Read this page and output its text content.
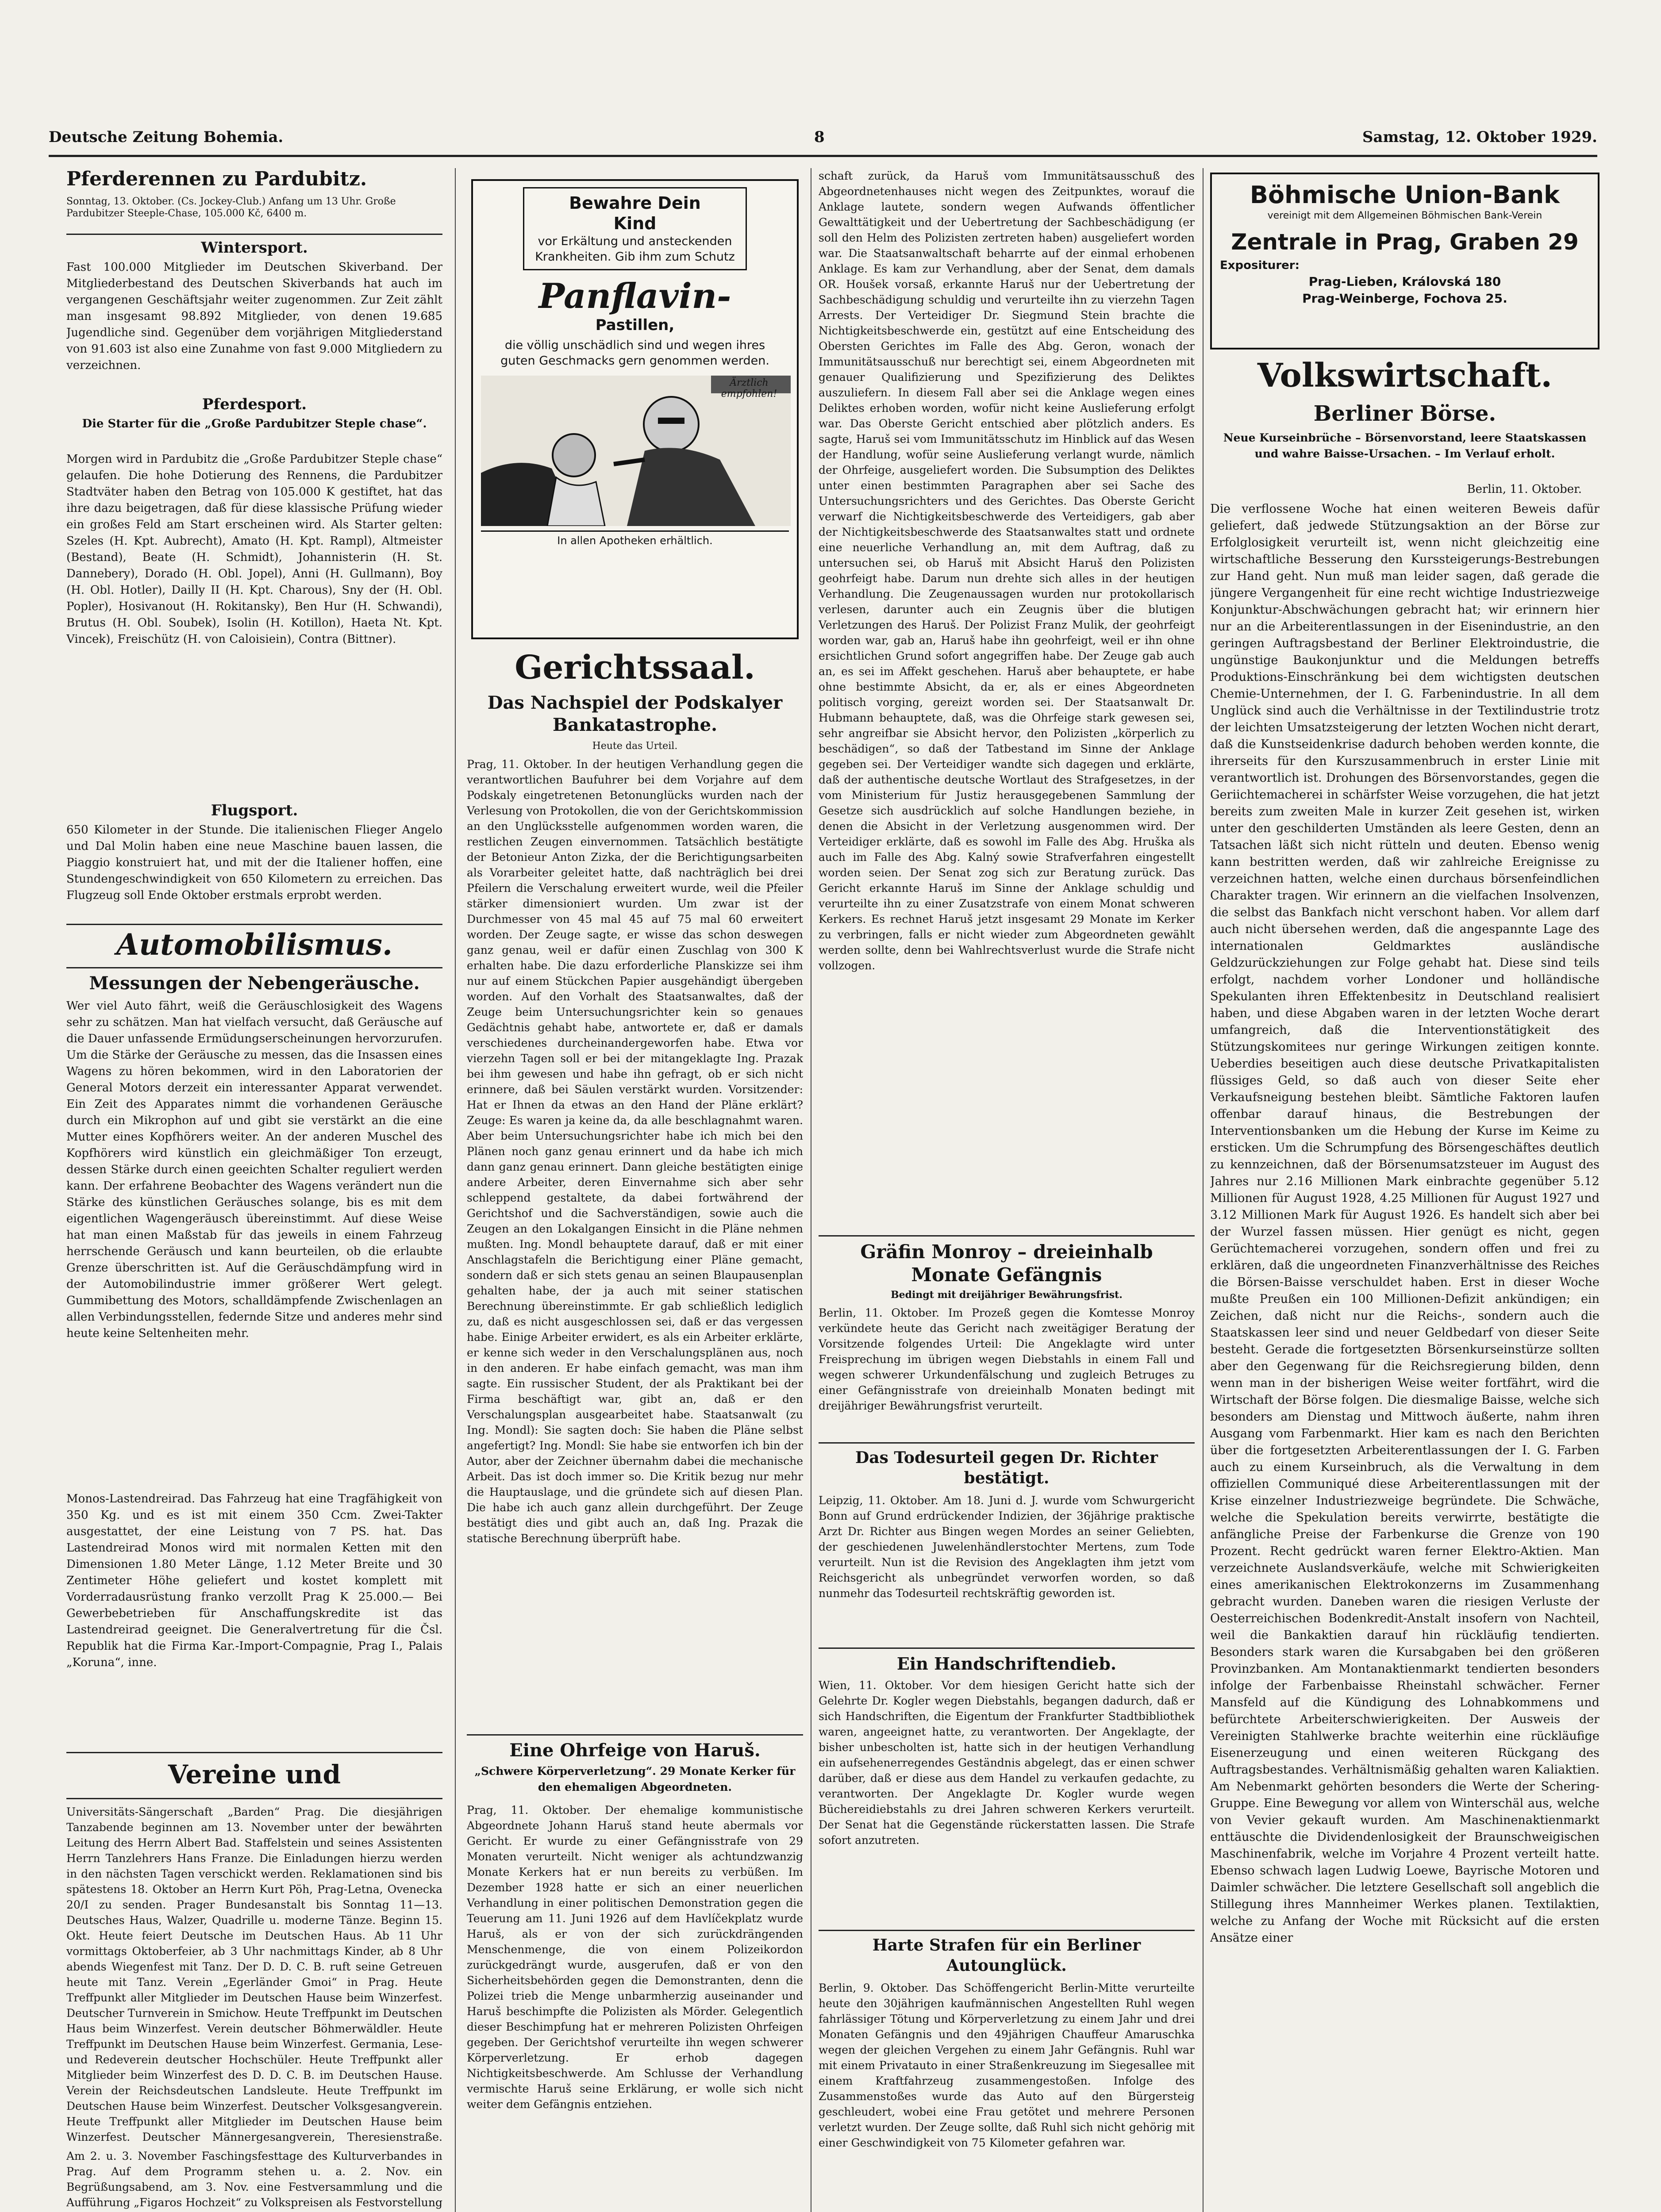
Deutsche Zeitung Bohemia.	8	Samstag, 12. Oktober 1929.
Pferderennen zu Pardubitz.
Sonntag, 13. Oktober. (Cs. Jockey-Club.) Anfang um 13 Uhr. Große Pardubitzer Steeple-Chase, 105.000 Kč, 6400 m.
Wintersport.
Fast 100.000 Mitglieder im Deutschen Skiverband. Der Mitgliederbestand des Deutschen Skiverbands hat auch im vergangenen Geschäftsjahr weiter zugenommen. Zur Zeit zählt man insgesamt 98.892 Mitglieder, von denen 19.685 Jugendliche sind. Gegenüber dem vorjährigen Mitgliederstand von 91.603 ist also eine Zunahme von fast 9.000 Mitgliedern zu verzeichnen.
Pferdesport.
Die Starter für die „Große Pardubitzer Steple chase“.
Morgen wird in Pardubitz die „Große Pardubitzer Steple chase“ gelaufen. Die hohe Dotierung des Rennens, die Pardubitzer Stadtväter haben den Betrag von 105.000 K gestiftet, hat das ihre dazu beigetragen, daß für diese klassische Prüfung wieder ein großes Feld am Start erscheinen wird. Als Starter gelten: Szeles (H. Kpt. Aubrecht), Amato (H. Kpt. Rampl), Altmeister (Bestand), Beate (H. Schmidt), Johannisterin (H. St. Dannebery), Dorado (H. Obl. Jopel), Anni (H. Gullmann), Boy (H. Obl. Hotler), Dailly II (H. Kpt. Charous), Sny der (H. Obl. Popler), Hosivanout (H. Rokitansky), Ben Hur (H. Schwandi), Brutus (H. Obl. Soubek), Isolin (H. Kotillon), Haeta Nt. Kpt. Vincek), Freischütz (H. von Caloisiein), Contra (Bittner).
Flugsport.
650 Kilometer in der Stunde. Die italienischen Flieger Angelo und Dal Molin haben eine neue Maschine bauen lassen, die Piaggio konstruiert hat, und mit der die Italiener hoffen, eine Stundengeschwindigkeit von 650 Kilometern zu erreichen. Das Flugzeug soll Ende Oktober erstmals erprobt werden.
Automobilismus.
Messungen der Nebengeräusche.
Wer viel Auto fährt, weiß die Geräuschlosigkeit des Wagens sehr zu schätzen. Man hat vielfach versucht, daß Geräusche auf die Dauer unfassende Ermüdungserscheinungen hervorzurufen. Um die Stärke der Geräusche zu messen, das die Insassen eines Wagens zu hören bekommen, wird in den Laboratorien der General Motors derzeit ein interessanter Apparat verwendet. Ein Zeit des Apparates nimmt die vorhandenen Geräusche durch ein Mikrophon auf und gibt sie verstärkt an die eine Mutter eines Kopfhörers weiter. An der anderen Muschel des Kopfhörers wird künstlich ein gleichmäßiger Ton erzeugt, dessen Stärke durch einen geeichten Schalter reguliert werden kann. Der erfahrene Beobachter des Wagens verändert nun die Stärke des künstlichen Geräusches solange, bis es mit dem eigentlichen Wagengeräusch übereinstimmt. Auf diese Weise hat man einen Maßstab für das jeweils in einem Fahrzeug herrschende Geräusch und kann beurteilen, ob die erlaubte Grenze überschritten ist. Auf die Geräuschdämpfung wird in der Automobilindustrie immer größerer Wert gelegt. Gummibettung des Motors, schalldämpfende Zwischenlagen an allen Verbindungsstellen, federnde Sitze und anderes mehr sind heute keine Seltenheiten mehr.
Monos-Lastendreirad. Das Fahrzeug hat eine Tragfähigkeit von 350 Kg. und es ist mit einem 350 Ccm. Zwei-Takter ausgestattet, der eine Leistung von 7 PS. hat. Das Lastendreirad Monos wird mit normalen Ketten mit den Dimensionen 1.80 Meter Länge, 1.12 Meter Breite und 30 Zentimeter Höhe geliefert und kostet komplett mit Vorderradausrüstung franko verzollt Prag K 25.000.— Bei Gewerbebetrieben für Anschaffungskredite ist das Lastendreirad geeignet. Die Generalvertretung für die Čsl. Republik hat die Firma Kar.-Import-Compagnie, Prag I., Palais „Koruna“, inne.
Vereine und
Universitäts-Sängerschaft „Barden“ Prag. Die diesjährigen Tanzabende beginnen am 13. November unter der bewährten Leitung des Herrn Albert Bad. Staffelstein und seines Assistenten Herrn Tanzlehrers Hans Franze. Die Einladungen hierzu werden in den nächsten Tagen verschickt werden. Reklamationen sind bis spätestens 18. Oktober an Herrn Kurt Pöh, Prag-Letna, Ovenecka 20/I zu senden. Prager Bundesanstalt bis Sonntag 11—13. Deutsches Haus, Walzer, Quadrille u. moderne Tänze. Beginn 15. Okt. Heute feiert Deutsche im Deutschen Haus. Ab 11 Uhr vormittags Oktoberfeier, ab 3 Uhr nachmittags Kinder, ab 8 Uhr abends Wiegenfest mit Tanz. Der D. D. C. B. ruft seine Getreuen heute mit Tanz. Verein „Egerländer Gmoi“ in Prag. Heute Treffpunkt aller Mitglieder im Deutschen Hause beim Winzerfest. Deutscher Turnverein in Smichow. Heute Treffpunkt im Deutschen Haus beim Winzerfest. Verein deutscher Böhmerwäldler. Heute Treffpunkt im Deutschen Hause beim Winzerfest. Germania, Lese- und Redeverein deutscher Hochschüler. Heute Treffpunkt aller Mitglieder beim Winzerfest des D. D. C. B. im Deutschen Hause. Verein der Reichsdeutschen Landsleute. Heute Treffpunkt im Deutschen Hause beim Winzerfest. Deutscher Volksgesangverein. Heute Treffpunkt aller Mitglieder im Deutschen Hause beim Winzerfest. Deutscher Männergesangverein, Theresienstraße.
Am 2. u. 3. November Faschingsfesttage des Kulturverbandes in Prag. Auf dem Programm stehen u. a. 2. Nov. ein Begrüßungsabend, am 3. Nov. eine Festversammlung und die Aufführung „Figaros Hochzeit“ zu Volkspreisen als Festvorstellung
Bewahre Dein
Kind
vor Erkältung und ansteckenden Krankheiten. Gib ihm zum Schutz
Panflavin-
Pastillen,
die völlig unschädlich sind und wegen ihres guten Geschmacks gern genommen werden.
Ärztlich empfohlen!
In allen Apotheken erhältlich.
Gerichtssaal.
Das Nachspiel der Podskalyer Bankatastrophe.
Heute das Urteil.
Prag, 11. Oktober. In der heutigen Verhandlung gegen die verantwortlichen Baufuhrer bei dem Vorjahre auf dem Podskaly eingetretenen Betonunglücks wurden nach der Verlesung von Protokollen, die von der Gerichtskommission an den Unglücksstelle aufgenommen worden waren, die restlichen Zeugen einvernommen. Tatsächlich bestätigte der Betonieur Anton Zizka, der die Berichtigungsarbeiten als Vorarbeiter geleitet hatte, daß nachträglich bei drei Pfeilern die Verschalung erweitert wurde, weil die Pfeiler stärker dimensioniert wurden. Um zwar ist der Durchmesser von 45 mal 45 auf 75 mal 60 erweitert worden. Der Zeuge sagte, er wisse das schon deswegen ganz genau, weil er dafür einen Zuschlag von 300 K erhalten habe. Die dazu erforderliche Planskizze sei ihm nur auf einem Stückchen Papier ausgehändigt übergeben worden. Auf den Vorhalt des Staatsanwaltes, daß der Zeuge beim Untersuchungsrichter kein so genaues Gedächtnis gehabt habe, antwortete er, daß er damals verschiedenes durcheinandergeworfen habe. Etwa vor vierzehn Tagen soll er bei der mitangeklagte Ing. Prazak bei ihm gewesen und habe ihn gefragt, ob er sich nicht erinnere, daß bei Säulen verstärkt wurden. Vorsitzender: Hat er Ihnen da etwas an den Hand der Pläne erklärt? Zeuge: Es waren ja keine da, da alle beschlagnahmt waren. Aber beim Untersuchungsrichter habe ich mich bei den Plänen noch ganz genau erinnert und da habe ich mich dann ganz genau erinnert. Dann gleiche bestätigten einige andere Arbeiter, deren Einvernahme sich aber sehr schleppend gestaltete, da dabei fortwährend der Gerichtshof und die Sachverständigen, sowie auch die Zeugen an den Lokalgangen Einsicht in die Pläne nehmen mußten. Ing. Mondl behauptete darauf, daß er mit einer Anschlagstafeln die Berichtigung einer Pläne gemacht, sondern daß er sich stets genau an seinen Blaupausenplan gehalten habe, der ja auch mit seiner statischen Berechnung übereinstimmte. Er gab schließlich lediglich zu, daß es nicht ausgeschlossen sei, daß er das vergessen habe. Einige Arbeiter erwidert, es als ein Arbeiter erklärte, er kenne sich weder in den Verschalungsplänen aus, noch in den anderen. Er habe einfach gemacht, was man ihm sagte. Ein russischer Student, der als Praktikant bei der Firma beschäftigt war, gibt an, daß er den Verschalungsplan ausgearbeitet habe. Staatsanwalt (zu Ing. Mondl): Sie sagten doch: Sie haben die Pläne selbst angefertigt? Ing. Mondl: Sie habe sie entworfen ich bin der Autor, aber der Zeichner übernahm dabei die mechanische Arbeit. Das ist doch immer so. Die Kritik bezug nur mehr die Hauptauslage, und die gründete sich auf diesen Plan. Die habe ich auch ganz allein durchgeführt. Der Zeuge bestätigt dies und gibt auch an, daß Ing. Prazak die statische Berechnung überprüft habe.
Eine Ohrfeige von Haruš.
„Schwere Körperverletzung“. 29 Monate Kerker für den ehemaligen Abgeordneten.
Prag, 11. Oktober. Der ehemalige kommunistische Abgeordnete Johann Haruš stand heute abermals vor Gericht. Er wurde zu einer Gefängnisstrafe von 29 Monaten verurteilt. Nicht weniger als achtundzwanzig Monate Kerkers hat er nun bereits zu verbüßen. Im Dezember 1928 hatte er sich an einer neuerlichen Verhandlung in einer politischen Demonstration gegen die Teuerung am 11. Juni 1926 auf dem Havlíčekplatz wurde Haruš, als er von der sich zurückdrängenden Menschenmenge, die von einem Polizeikordon zurückgedrängt wurde, ausgerufen, daß er von den Sicherheitsbehörden gegen die Demonstranten, denn die Polizei trieb die Menge unbarmherzig auseinander und Haruš beschimpfte die Polizisten als Mörder. Gelegentlich dieser Beschimpfung hat er mehreren Polizisten Ohrfeigen gegeben. Der Gerichtshof verurteilte ihn wegen schwerer Körperverletzung. Er erhob dagegen Nichtigkeitsbeschwerde. Am Schlusse der Verhandlung vermischte Haruš seine Erklärung, er wolle sich nicht weiter dem Gefängnis entziehen.
schaft zurück, da Haruš vom Immunitätsausschuß des Abgeordnetenhauses nicht wegen des Zeitpunktes, worauf die Anklage lautete, sondern wegen Aufwands öffentlicher Gewalttätigkeit und der Uebertretung der Sachbeschädigung (er soll den Helm des Polizisten zertreten haben) ausgeliefert worden war. Die Staatsanwaltschaft beharrte auf der einmal erhobenen Anklage. Es kam zur Verhandlung, aber der Senat, dem damals OR. Houšek vorsaß, erkannte Haruš nur der Uebertretung der Sachbeschädigung schuldig und verurteilte ihn zu vierzehn Tagen Arrests. Der Verteidiger Dr. Siegmund Stein brachte die Nichtigkeitsbeschwerde ein, gestützt auf eine Entscheidung des Obersten Gerichtes im Falle des Abg. Geron, wonach der Immunitätsausschuß nur berechtigt sei, einem Abgeordneten mit genauer Qualifizierung und Spezifizierung des Deliktes auszuliefern. In diesem Fall aber sei die Anklage wegen eines Deliktes erhoben worden, wofür nicht keine Auslieferung erfolgt war. Das Oberste Gericht entschied aber plötzlich anders. Es sagte, Haruš sei vom Immunitätsschutz im Hinblick auf das Wesen der Handlung, wofür seine Auslieferung verlangt wurde, nämlich der Ohrfeige, ausgeliefert worden. Die Subsumption des Deliktes unter einen bestimmten Paragraphen aber sei Sache des Untersuchungsrichters und des Gerichtes. Das Oberste Gericht verwarf die Nichtigkeitsbeschwerde des Verteidigers, gab aber der Nichtigkeitsbeschwerde des Staatsanwaltes statt und ordnete eine neuerliche Verhandlung an, mit dem Auftrag, daß zu untersuchen sei, ob Haruš mit Absicht Haruš den Polizisten geohrfeigt habe. Darum nun drehte sich alles in der heutigen Verhandlung. Die Zeugenaussagen wurden nur protokollarisch verlesen, darunter auch ein Zeugnis über die blutigen Verletzungen des Haruš. Der Polizist Franz Mulik, der geohrfeigt worden war, gab an, Haruš habe ihn geohrfeigt, weil er ihn ohne ersichtlichen Grund sofort angegriffen habe. Der Zeuge gab auch an, es sei im Affekt geschehen. Haruš aber behauptete, er habe ohne bestimmte Absicht, da er, als er eines Abgeordneten politisch vorging, gereizt worden sei. Der Staatsanwalt Dr. Hubmann behauptete, daß, was die Ohrfeige stark gewesen sei, sehr angreifbar sie Absicht hervor, den Polizisten „körperlich zu beschädigen“, so daß der Tatbestand im Sinne der Anklage gegeben sei. Der Verteidiger wandte sich dagegen und erklärte, daß der authentische deutsche Wortlaut des Strafgesetzes, in der vom Ministerium für Justiz herausgegebenen Sammlung der Gesetze sich ausdrücklich auf solche Handlungen beziehe, in denen die Absicht in der Verletzung ausgenommen wird. Der Verteidiger erklärte, daß es sowohl im Falle des Abg. Hruška als auch im Falle des Abg. Kalný sowie Strafverfahren eingestellt worden seien. Der Senat zog sich zur Beratung zurück. Das Gericht erkannte Haruš im Sinne der Anklage schuldig und verurteilte ihn zu einer Zusatzstrafe von einem Monat schweren Kerkers. Es rechnet Haruš jetzt insgesamt 29 Monate im Kerker zu verbringen, falls er nicht wieder zum Abgeordneten gewählt werden sollte, denn bei Wahlrechtsverlust wurde die Strafe nicht vollzogen.
Gräfin Monroy – dreieinhalb Monate Gefängnis
Bedingt mit dreijähriger Bewährungsfrist.
Berlin, 11. Oktober. Im Prozeß gegen die Komtesse Monroy verkündete heute das Gericht nach zweitägiger Beratung der Vorsitzende folgendes Urteil: Die Angeklagte wird unter Freisprechung im übrigen wegen Diebstahls in einem Fall und wegen schwerer Urkundenfälschung und zugleich Betruges zu einer Gefängnisstrafe von dreieinhalb Monaten bedingt mit dreijähriger Bewährungsfrist verurteilt.
Das Todesurteil gegen Dr. Richter bestätigt.
Leipzig, 11. Oktober. Am 18. Juni d. J. wurde vom Schwurgericht Bonn auf Grund erdrückender Indizien, der 36jährige praktische Arzt Dr. Richter aus Bingen wegen Mordes an seiner Geliebten, der geschiedenen Juwelenhändlerstochter Mertens, zum Tode verurteilt. Nun ist die Revision des Angeklagten ihm jetzt vom Reichsgericht als unbegründet verworfen worden, so daß nunmehr das Todesurteil rechtskräftig geworden ist.
Ein Handschriftendieb.
Wien, 11. Oktober. Vor dem hiesigen Gericht hatte sich der Gelehrte Dr. Kogler wegen Diebstahls, begangen dadurch, daß er sich Handschriften, die Eigentum der Frankfurter Stadtbibliothek waren, angeeignet hatte, zu verantworten. Der Angeklagte, der bisher unbescholten ist, hatte sich in der heutigen Verhandlung ein aufsehenerregendes Geständnis abgelegt, das er einen schwer darüber, daß er diese aus dem Handel zu verkaufen gedachte, zu verantworten. Der Angeklagte Dr. Kogler wurde wegen Büchereidiebstahls zu drei Jahren schweren Kerkers verurteilt. Der Senat hat die Gegenstände rückerstatten lassen. Die Strafe sofort anzutreten.
Harte Strafen für ein Berliner Autounglück.
Berlin, 9. Oktober. Das Schöffengericht Berlin-Mitte verurteilte heute den 30jährigen kaufmännischen Angestellten Ruhl wegen fahrlässiger Tötung und Körperverletzung zu einem Jahr und drei Monaten Gefängnis und den 49jährigen Chauffeur Amaruschka wegen der gleichen Vergehen zu einem Jahr Gefängnis. Ruhl war mit einem Privatauto in einer Straßenkreuzung im Siegesallee mit einem Kraftfahrzeug zusammengestoßen. Infolge des Zusammenstoßes wurde das Auto auf den Bürgersteig geschleudert, wobei eine Frau getötet und mehrere Personen verletzt wurden. Der Zeuge sollte, daß Ruhl sich nicht gehörig mit einer Geschwindigkeit von 75 Kilometer gefahren war.
Böhmische Union-Bank
vereinigt mit dem Allgemeinen Böhmischen Bank-Verein
Zentrale in Prag, Graben 29
Expositurer:
Prag-Lieben, Královská 180
Prag-Weinberge, Fochova 25.
Volkswirtschaft.
Berliner Börse.
Neue Kurseinbrüche – Börsenvorstand, leere Staatskassen und wahre Baisse-Ursachen. – Im Verlauf erholt.
Berlin, 11. Oktober.
Die verflossene Woche hat einen weiteren Beweis dafür geliefert, daß jedwede Stützungsaktion an der Börse zur Erfolglosigkeit verurteilt ist, wenn nicht gleichzeitig eine wirtschaftliche Besserung den Kurssteigerungs-Bestrebungen zur Hand geht. Nun muß man leider sagen, daß gerade die jüngere Vergangenheit für eine recht wichtige Industriezweige Konjunktur-Abschwächungen gebracht hat; wir erinnern hier nur an die Arbeiterentlassungen in der Eisenindustrie, an den geringen Auftragsbestand der Berliner Elektroindustrie, die ungünstige Baukonjunktur und die Meldungen betreffs Produktions-Einschränkung bei dem wichtigsten deutschen Chemie-Unternehmen, der I. G. Farbenindustrie. In all dem Unglück sind auch die Verhältnisse in der Textilindustrie trotz der leichten Umsatzsteigerung der letzten Wochen nicht derart, daß die Kunstseidenkrise dadurch behoben werden konnte, die ihrerseits für den Kurszusammenbruch in erster Linie mit verantwortlich ist. Drohungen des Börsenvorstandes, gegen die Geriichtemacherei in schärfster Weise vorzugehen, die hat jetzt bereits zum zweiten Male in kurzer Zeit gesehen ist, wirken unter den geschilderten Umständen als leere Gesten, denn an Tatsachen läßt sich nicht rütteln und deuten. Ebenso wenig kann bestritten werden, daß wir zahlreiche Ereignisse zu verzeichnen hatten, welche einen durchaus börsenfeindlichen Charakter tragen. Wir erinnern an die vielfachen Insolvenzen, die selbst das Bankfach nicht verschont haben. Vor allem darf auch nicht übersehen werden, daß die angespannte Lage des internationalen Geldmarktes ausländische Geldzurückziehungen zur Folge gehabt hat. Diese sind teils erfolgt, nachdem vorher Londoner und holländische Spekulanten ihren Effektenbesitz in Deutschland realisiert haben, und diese Abgaben waren in der letzten Woche derart umfangreich, daß die Interventionstätigkeit des Stützungskomitees nur geringe Wirkungen zeitigen konnte. Ueberdies beseitigen auch diese deutsche Privatkapitalisten flüssiges Geld, so daß auch von dieser Seite eher Verkaufsneigung bestehen bleibt. Sämtliche Faktoren laufen offenbar darauf hinaus, die Bestrebungen der Interventionsbanken um die Hebung der Kurse im Keime zu ersticken. Um die Schrumpfung des Börsengeschäftes deutlich zu kennzeichnen, daß der Börsenumsatzsteuer im August des Jahres nur 2.16 Millionen Mark einbrachte gegenüber 5.12 Millionen für August 1928, 4.25 Millionen für August 1927 und 3.12 Millionen Mark für August 1926. Es handelt sich aber bei der Wurzel fassen müssen. Hier genügt es nicht, gegen Gerüchtemacherei vorzugehen, sondern offen und frei zu erklären, daß die ungeordneten Finanzverhältnisse des Reiches die Börsen-Baisse verschuldet haben. Erst in dieser Woche mußte Preußen ein 100 Millionen-Defizit ankündigen; ein Zeichen, daß nicht nur die Reichs-, sondern auch die Staatskassen leer sind und neuer Geldbedarf von dieser Seite besteht. Gerade die fortgesetzten Börsenkurseinstürze sollten aber den Gegenwang für die Reichsregierung bilden, denn wenn man in der bisherigen Weise weiter fortfährt, wird die Wirtschaft der Börse folgen. Die diesmalige Baisse, welche sich besonders am Dienstag und Mittwoch äußerte, nahm ihren Ausgang vom Farbenmarkt. Hier kam es nach den Berichten über die fortgesetzten Arbeiterentlassungen der I. G. Farben auch zu einem Kurseinbruch, als die Verwaltung in dem offiziellen Communiqué diese Arbeiterentlassungen mit der Krise einzelner Industriezweige begründete. Die Schwäche, welche die Spekulation bereits verwirrte, bestätigte die anfängliche Preise der Farbenkurse die Grenze von 190 Prozent. Recht gedrückt waren ferner Elektro-Aktien. Man verzeichnete Auslandsverkäufe, welche mit Schwierigkeiten eines amerikanischen Elektrokonzerns im Zusammenhang gebracht wurden. Daneben waren die riesigen Verluste der Oesterreichischen Bodenkredit-Anstalt insofern von Nachteil, weil die Bankaktien darauf hin rückläufig tendierten. Besonders stark waren die Kursabgaben bei den größeren Provinzbanken. Am Montanaktienmarkt tendierten besonders infolge der Farbenbaisse Rheinstahl schwächer. Ferner Mansfeld auf die Kündigung des Lohnabkommens und befürchtete Arbeiterschwierigkeiten. Der Ausweis der Vereinigten Stahlwerke brachte weiterhin eine rückläufige Eisenerzeugung und einen weiteren Rückgang des Auftragsbestandes. Verhältnismäßig gehalten waren Kaliaktien. Am Nebenmarkt gehörten besonders die Werte der Schering-Gruppe. Eine Bewegung vor allem von Winterschäl aus, welche von Vevier gekauft wurden. Am Maschinenaktienmarkt enttäuschte die Dividendenlosigkeit der Braunschweigischen Maschinenfabrik, welche im Vorjahre 4 Prozent verteilt hatte. Ebenso schwach lagen Ludwig Loewe, Bayrische Motoren und Daimler schwächer. Die letztere Gesellschaft soll angeblich die Stillegung ihres Mannheimer Werkes planen. Textilaktien, welche zu Anfang der Woche mit Rücksicht auf die ersten Ansätze einer
